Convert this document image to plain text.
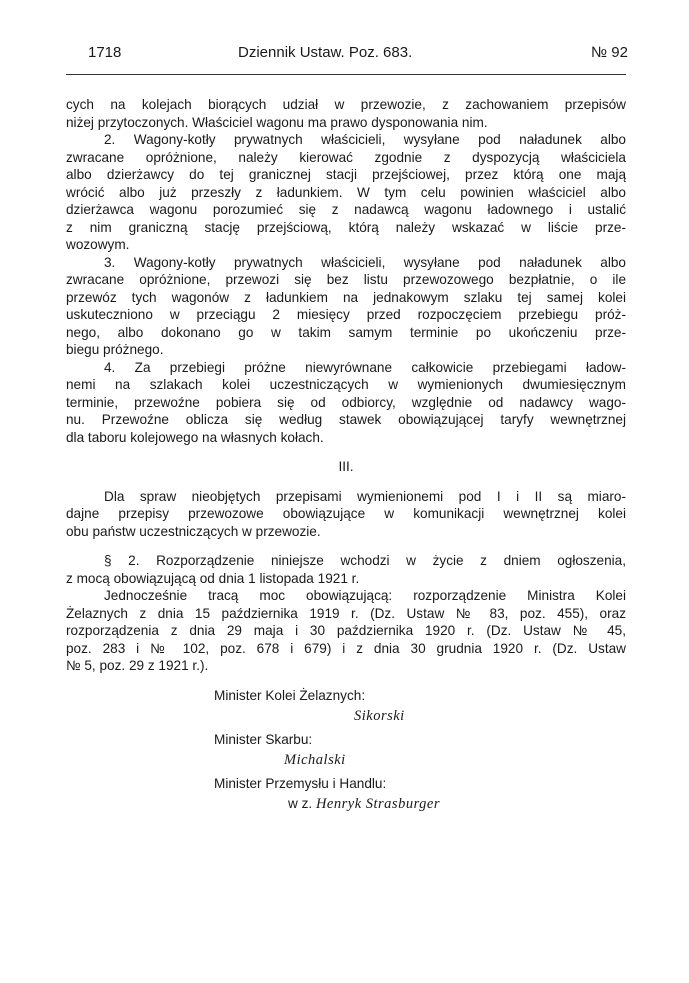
1718	Dziennik Ustaw. Poz. 683.	№ 92
cych na kolejach biorących udział w przewozie, z zachowaniem przepisów
niżej przytoczonych. Właściciel wagonu ma prawo dysponowania nim.
2. Wagony-kotły prywatnych właścicieli, wysyłane pod naładunek albo
zwracane opróżnione, należy kierować zgodnie z dyspozycją właściciela
albo dzierżawcy do tej granicznej stacji przejściowej, przez którą one mają
wrócić albo już przeszły z ładunkiem. W tym celu powinien właściciel albo
dzierżawca wagonu porozumieć się z nadawcą wagonu ładownego i ustalić
z nim graniczną stację przejściową, którą należy wskazać w liście prze-
wozowym.
3. Wagony-kotły prywatnych właścicieli, wysyłane pod naładunek albo
zwracane opróżnione, przewozi się bez listu przewozowego bezpłatnie, o ile
przewóz tych wagonów z ładunkiem na jednakowym szlaku tej samej kolei
uskuteczniono w przeciągu 2 miesięcy przed rozpoczęciem przebiegu próż-
nego, albo dokonano go w takim samym terminie po ukończeniu prze-
biegu próżnego.
4. Za przebiegi próżne niewyrównane całkowicie przebiegami ładow-
nemi na szlakach kolei uczestniczących w wymienionych dwumiesięcznym
terminie, przewoźne pobiera się od odbiorcy, względnie od nadawcy wago-
nu. Przewoźne oblicza się według stawek obowiązującej taryfy wewnętrznej
dla taboru kolejowego na własnych kołach.
III.
Dla spraw nieobjętych przepisami wymienionemi pod I i II są miaro-
dajne przepisy przewozowe obowiązujące w komunikacji wewnętrznej kolei
obu państw uczestniczących w przewozie.
§ 2. Rozporządzenie niniejsze wchodzi w życie z dniem ogłoszenia,
z mocą obowiązującą od dnia 1 listopada 1921 r.
Jednocześnie tracą moc obowiązującą: rozporządzenie Ministra Kolei
Żelaznych z dnia 15 października 1919 r. (Dz. Ustaw № 83, poz. 455), oraz
rozporządzenia z dnia 29 maja i 30 października 1920 r. (Dz. Ustaw № 45,
poz. 283 i № 102, poz. 678 i 679) i z dnia 30 grudnia 1920 r. (Dz. Ustaw
№ 5, poz. 29 z 1921 r.).
Minister Kolei Żelaznych:
Sikorski
Minister Skarbu:
Michalski
Minister Przemysłu i Handlu:
w z. Henryk Strasburger
